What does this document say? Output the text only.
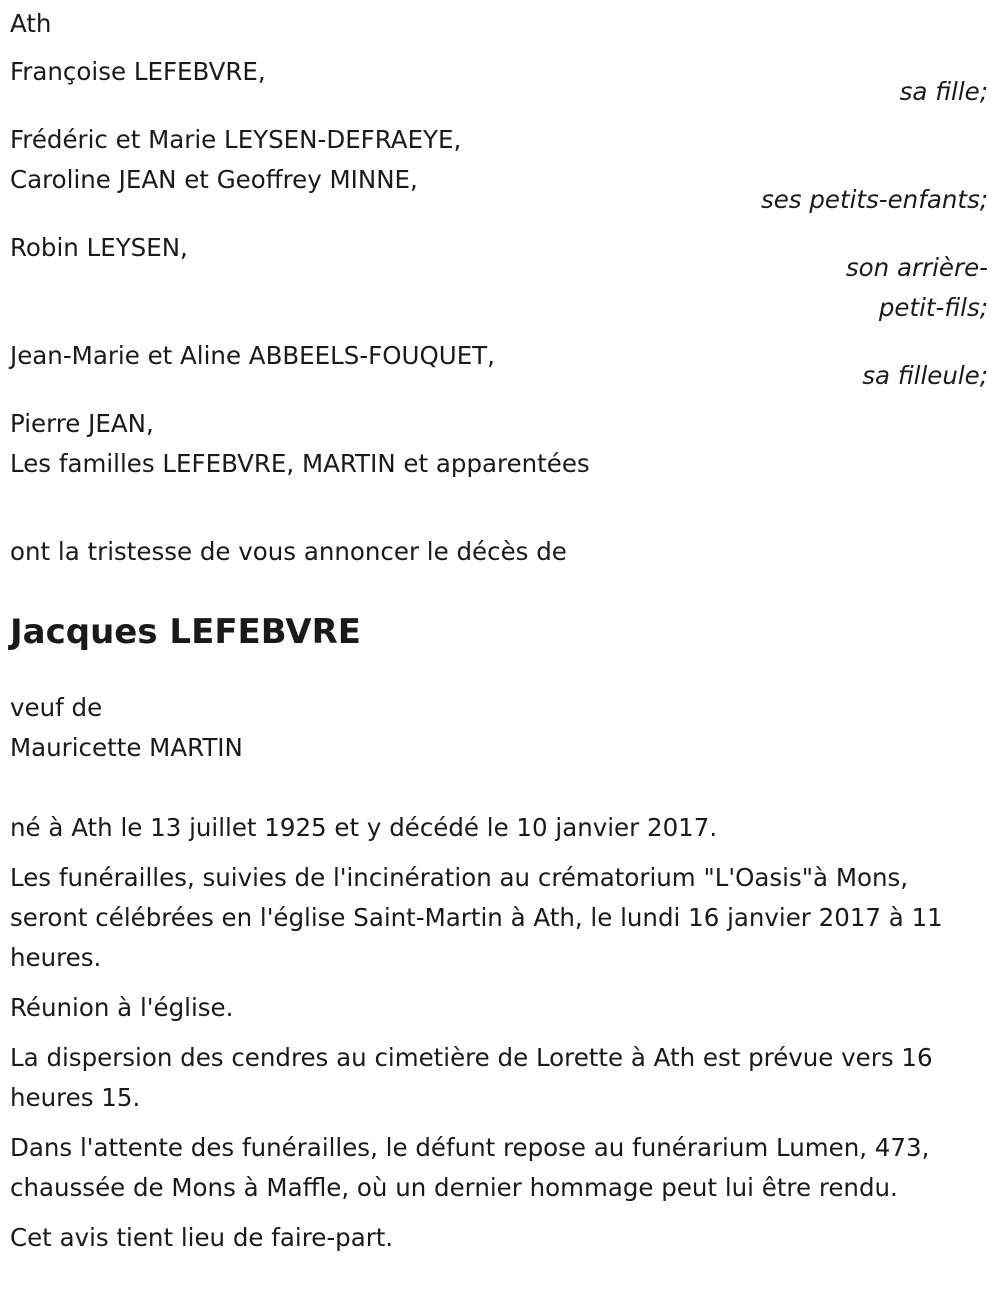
Ath
Françoise LEFEBVRE,
sa fille;
Frédéric et Marie LEYSEN-DEFRAEYE,
Caroline JEAN et Geoffrey MINNE,
ses petits-enfants;
Robin LEYSEN,
son arrière-
petit-fils;
Jean-Marie et Aline ABBEELS-FOUQUET,
sa filleule;
Pierre JEAN,
Les familles LEFEBVRE, MARTIN et apparentées
ont la tristesse de vous annoncer le décès de
Jacques LEFEBVRE
veuf de
Mauricette MARTIN
né à Ath le 13 juillet 1925 et y décédé le 10 janvier 2017.
Les funérailles, suivies de l'incinération au crématorium "L'Oasis"à Mons, seront célébrées en l'église Saint-Martin à Ath, le lundi 16 janvier 2017 à 11 heures.
Réunion à l'église.
La dispersion des cendres au cimetière de Lorette à Ath est prévue vers 16 heures 15.
Dans l'attente des funérailles, le défunt repose au funérarium Lumen, 473, chaussée de Mons à Maffle, où un dernier hommage peut lui être rendu.
Cet avis tient lieu de faire-part.
